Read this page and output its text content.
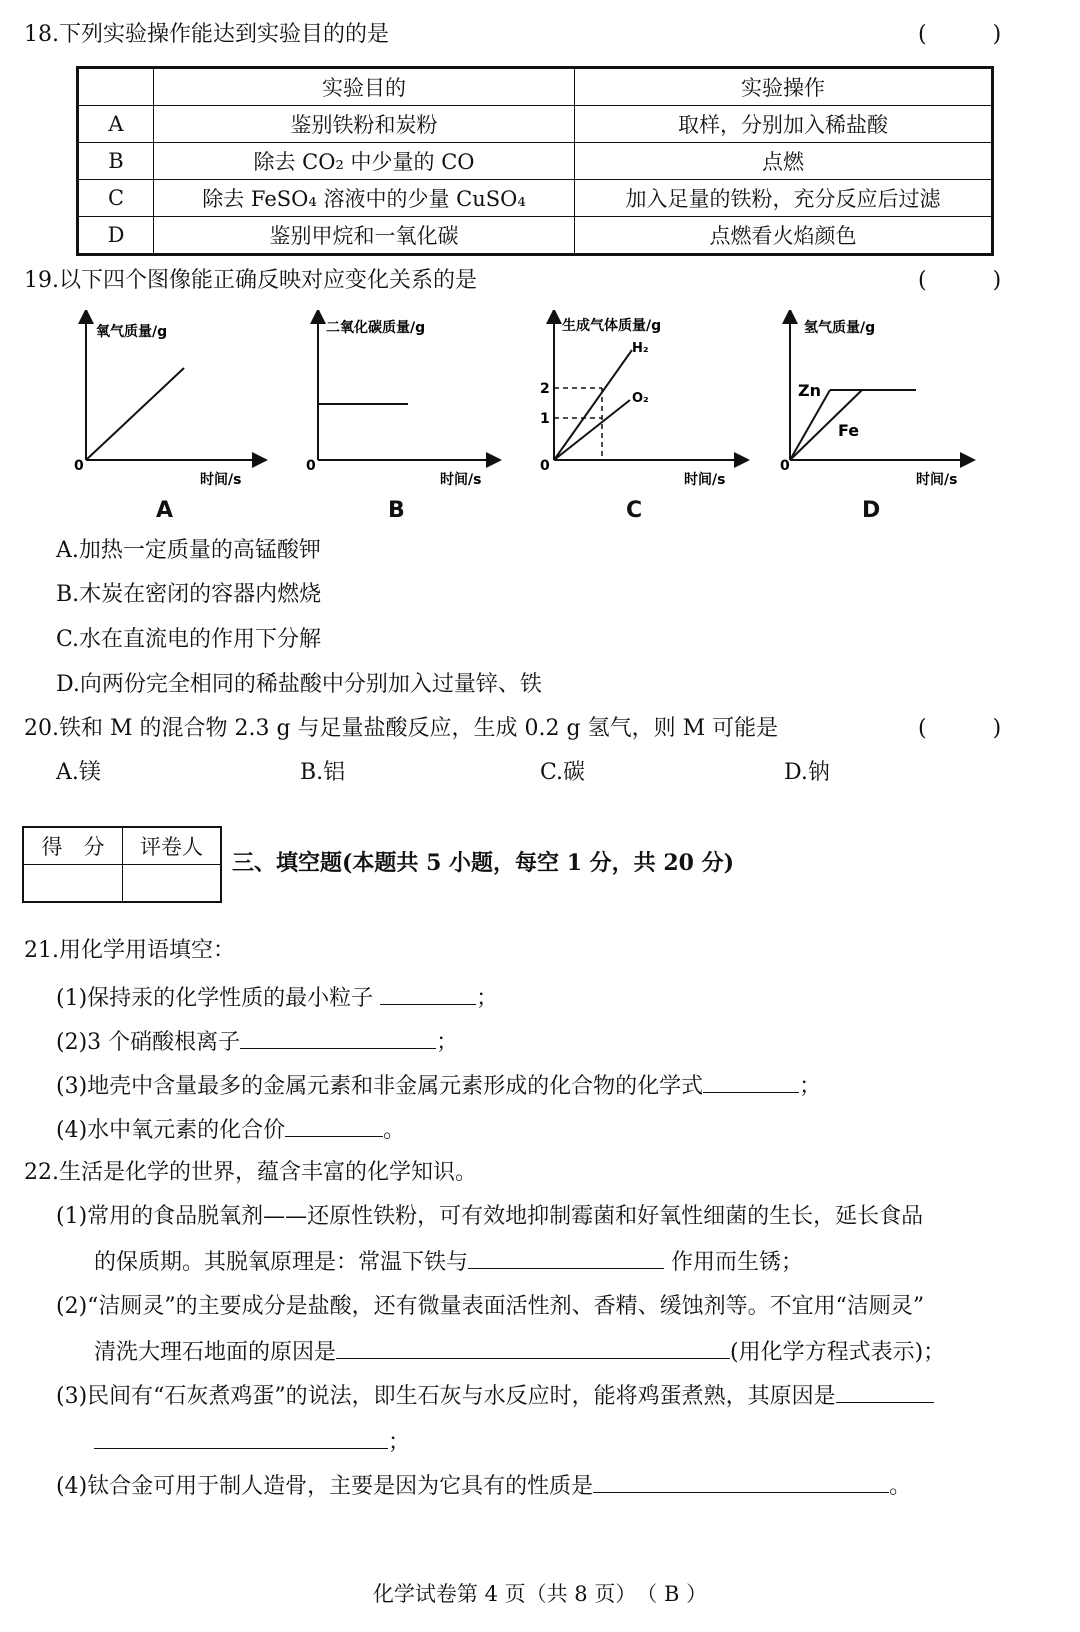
18.下列实验操作能达到实验目的的是	(　　　)
	实验目的	实验操作
A	鉴别铁粉和炭粉	取样，分别加入稀盐酸
B	除去 CO₂ 中少量的 CO	点燃
C	除去 FeSO₄ 溶液中的少量 CuSO₄	加入足量的铁粉，充分反应后过滤
D	鉴别甲烷和一氧化碳	点燃看火焰颜色
19.以下四个图像能正确反映对应变化关系的是	(　　　)
氧气质量/g
时间/s
0
A
二氧化碳质量/g
时间/s
0
B
生成气体质量/g
时间/s
0
2
1
H₂
O₂
C
氢气质量/g
时间/s
0
Zn
Fe
D
A.加热一定质量的高锰酸钾
B.木炭在密闭的容器内燃烧
C.水在直流电的作用下分解
D.向两份完全相同的稀盐酸中分别加入过量锌、铁
20.铁和 M 的混合物 2.3 g 与足量盐酸反应，生成 0.2 g 氢气，则 M 可能是	(　　　)
A.镁	B.铝	C.碳	D.钠
得　分	评卷人

三、填空题(本题共 5 小题，每空 1 分，共 20 分)
21.用化学用语填空：
(1)保持汞的化学性质的最小粒子	；
(2)3 个硝酸根离子	；
(3)地壳中含量最多的金属元素和非金属元素形成的化合物的化学式	；
(4)水中氧元素的化合价	。
22.生活是化学的世界，蕴含丰富的化学知识。
(1)常用的食品脱氧剂——还原性铁粉，可有效地抑制霉菌和好氧性细菌的生长，延长食品
的保质期。其脱氧原理是：常温下铁与	作用而生锈；
(2)“洁厕灵”的主要成分是盐酸，还有微量表面活性剂、香精、缓蚀剂等。不宜用“洁厕灵”
清洗大理石地面的原因是	(用化学方程式表示)；
(3)民间有“石灰煮鸡蛋”的说法，即生石灰与水反应时，能将鸡蛋煮熟，其原因是
；
(4)钛合金可用于制人造骨，主要是因为它具有的性质是	。
化学试卷第 4 页（共 8 页）　（ B ）
